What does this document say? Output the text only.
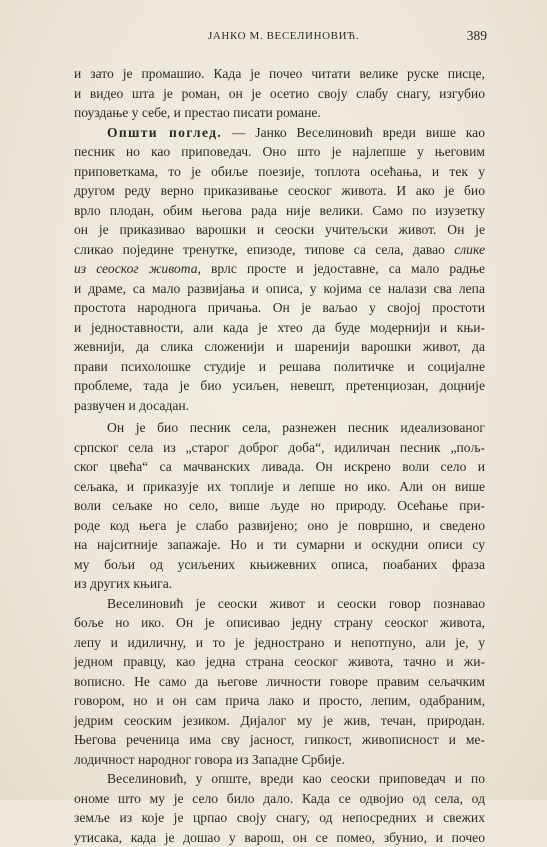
ЈАНКО М. ВЕСЕЛИНОВИЋ.	389
и зато је промашио. Када је почео читати велике руске писце,
и видео шта је роман, он је осетио своју слабу снагу, изгубио
поуздање у себе, и престао писати романе.
Општи поглед. — Јанко Веселиновић вреди више као
песник но као приповедач. Оно што је најлепше у његовим
приповеткама, то је обиље поезије, топлота осећања, и тек у
другом реду верно приказивање сеоског живота. И ако је био
врло плодан, обим његова рада није велики. Само по изузетку
он је приказивао варошки и сеоски учитељски живот. Он је
сликао поједине тренутке, епизоде, типове са села, давао слике
из сеоског живота, врлс просте и једоставне, са мало радње
и драме, са мало развијања и описа, у којима се налази сва лепа
простота народнога причања. Он је ваљао у својој простоти
и једноставности, али када је хтео да буде модернији и књи-
жевнији, да слика сложенији и шаренији варошки живот, да
прави психолошке студије и решава политичке и социјалне
проблеме, тада је био усиљен, невешт, претенциозан, доцније
развучен и досадан.
Он је био песник села, разнежен песник идеализованог
српског села из „старог доброг доба“, идиличан песник „пољ-
ског цвећа“ са мачванских ливада. Он искрено воли село и
сељака, и приказује их топлије и лепше но ико. Али он више
воли сељаке но село, више људе но природу. Осећање при-
роде код њега је слабо развијено; оно је површно, и сведено
на најситније запажаје. Но и ти сумарни и оскудни описи су
му бољи од усиљених књижевних описа, поабаних фраза
из других књига.
Веселиновић је сеоски живот и сеоски говор познавао
боље но ико. Он је описивао једну страну сеоског живота,
лепу и идиличну, и то је једнострано и непотпуно, али је, у
једном правцу, као једна страна сеоског живота, тачно и жи-
вописно. Не само да његове личности говоре правим сељачким
говором, но и он сам прича лако и просто, лепим, одабраним,
једрим сеоским језиком. Дијалог му је жив, течан, природан.
Његова реченица има сву јасност, гипкост, живописност и ме-
лодичност народног говора из Западне Србије.
Веселиновић, у опште, вреди као сеоски приповедач и по
ономе што му је село било дало. Када се одвојио од села, од
земље из које је црпао своју снагу, од непосредних и свежих
утисака, када је дошао у варош, он се помео, збунио, и почео
